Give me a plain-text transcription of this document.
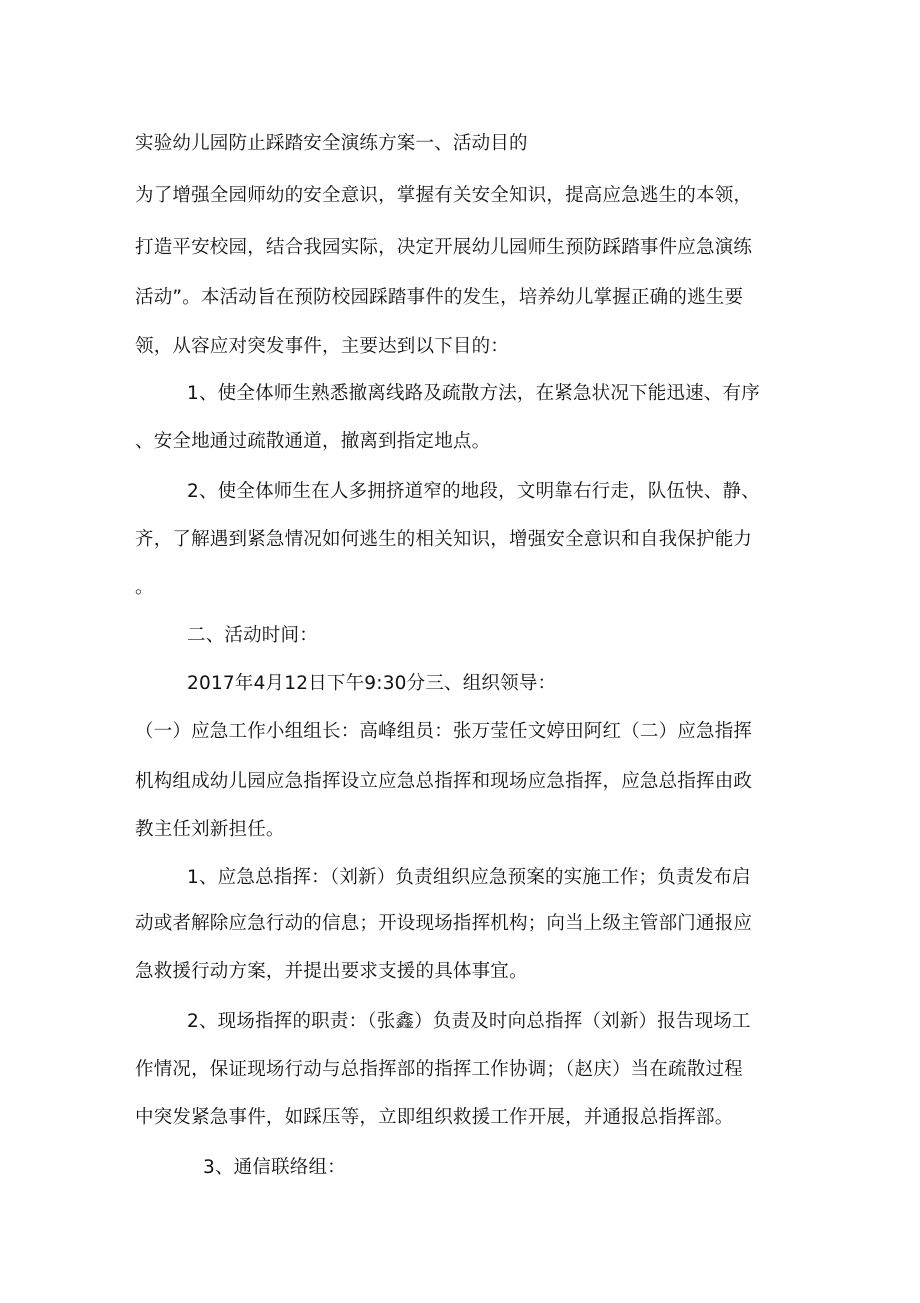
实验幼儿园防止踩踏安全演练方案一、活动目的
为了增强全园师幼的安全意识，掌握有关安全知识，提高应急逃生的本领，
打造平安校园，结合我园实际，决定开展幼儿园师生预防踩踏事件应急演练
活动”。本活动旨在预防校园踩踏事件的发生，培养幼儿掌握正确的逃生要
领，从容应对突发事件，主要达到以下目的：
1、使全体师生熟悉撤离线路及疏散方法，在紧急状况下能迅速、有序
、安全地通过疏散通道，撤离到指定地点。
2、使全体师生在人多拥挤道窄的地段，文明靠右行走，队伍快、静、
齐，了解遇到紧急情况如何逃生的相关知识，增强安全意识和自我保护能力
。
二、活动时间：
2017年4月12日下午9:30分三、组织领导：
（一）应急工作小组组长：高峰组员：张万莹任文婷田阿红（二）应急指挥
机构组成幼儿园应急指挥设立应急总指挥和现场应急指挥，应急总指挥由政
教主任刘新担任。
1、应急总指挥：（刘新）负责组织应急预案的实施工作；负责发布启
动或者解除应急行动的信息；开设现场指挥机构；向当上级主管部门通报应
急救援行动方案，并提出要求支援的具体事宜。
2、现场指挥的职责：（张鑫）负责及时向总指挥（刘新）报告现场工
作情况，保证现场行动与总指挥部的指挥工作协调；（赵庆）当在疏散过程
中突发紧急事件，如踩压等，立即组织救援工作开展，并通报总指挥部。
3、通信联络组：
